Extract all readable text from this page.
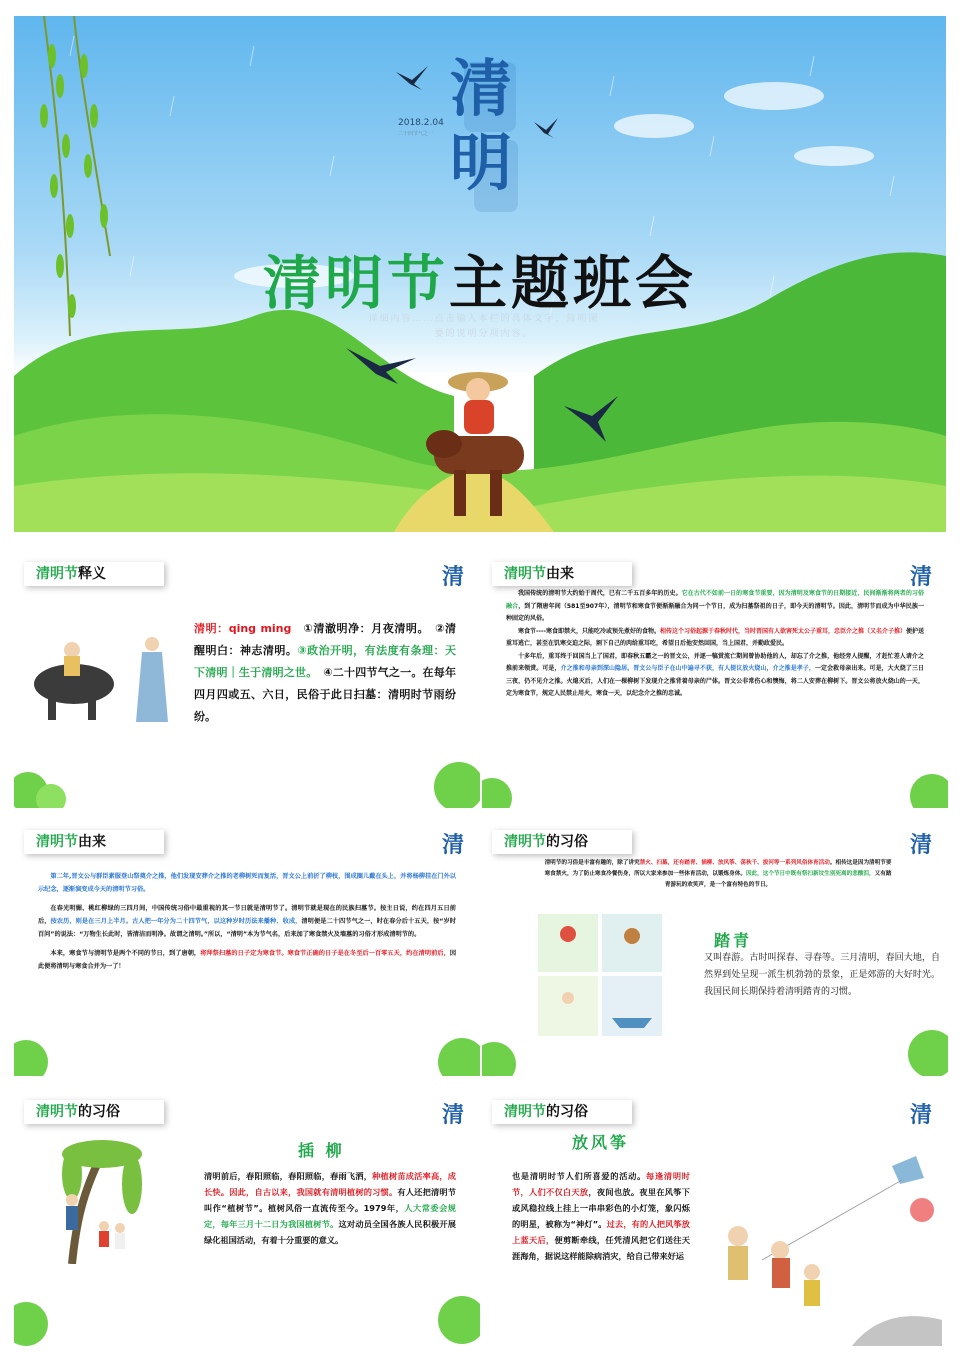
清明
2018.2.04
二十四节气之一
清明节主题班会
详细内容……点击输入本栏的具体文字，简明图
要的说明分项内容。
清明节释义	清
清明：qing ming　 ①清澈明净：月夜清明。　②清醒明白：神志清明。③政治开明，有法度有条理：天下清明｜生于清明之世。　 ④二十四节气之一。在每年四月四或五、六日，民俗于此日扫墓：清明时节雨纷纷。
清明节由来	清
我国传统的清明节大约始于周代，已有二千五百多年的历史。它在古代不如前一日的寒食节重要，因为清明及寒食节的日期接近，民间渐渐将两者的习俗融合，到了隋唐年间（581至907年），清明节和寒食节便渐渐融合为同一个节日，成为扫墓祭祖的日子，即今天的清明节。因此，清明节而成为中华民族一种固定的风俗。
寒食节----寒食即禁火，只能吃冷或预先煮好的食物。相传这个习俗起源于春秋时代，当时晋国有人欲害死太公子重耳，忠臣介之推（又名介子推）便护送重耳逃亡，甚至在饥寒交迫之际，割下自己的肉给重耳吃，希望日后他安然回国，当上国君，并勤政爱民。
十多年后，重耳终于回国当上了国君，即春秋五霸之一的晋文公，并逐一犒赏流亡期间曾协助他的人，却忘了介之推，他经旁人提醒，才赶忙差人请介之推前来领赏。可是，介之推和母亲到深山隐居。晋文公与臣子在山中遍寻不获，有人提议放火烧山，介之推是孝子，一定会救母亲出来。可是，大火烧了三日三夜，仍不见介之推。火熄灭后，人们在一棵柳树下发现介之推背着母亲的尸体。晋文公非常伤心和懊悔，将二人安葬在柳树下。晋文公将放火烧山的一天，定为寒食节，规定人民禁止用火，寒食一天，以纪念介之推的忠诚。
清明节由来	清
第二年,晋文公与群臣素服登山祭奠介之推，他们发现安葬介之推的老柳树死而复活，晋文公上前折了柳枝，围成圈儿戴在头上，并将杨柳挂在门外以示纪念，逐渐演变成今天的清明节习俗。
在春光明媚、桃红柳绿的三四月间，中国传统习俗中最重视的其一节日就是清明节了。清明节就是现在的民族扫墓节。按主日说，约在四月五日前后，按农历，则是在三月上半月。古人把一年分为二十四节气，以这种岁时历法来播种、收成，清明便是二十四节气之一，时在春分后十五天，按“岁时百问”的说法：“万物生长此时，皆清洁而明净。故谓之清明。”所以，“清明”本为节气名，后来加了寒食禁火及墙墓的习俗才形成清明节的。
本来，寒食节与清明节是两个不同的节日，到了唐朝，将拜祭扫墓的日子定为寒食节。寒食节正确的日子是在冬至后一百零五天，约在清明前后，因此便将清明与寒食合并为一了！
清明节的习俗	清
清明节的习俗是丰富有趣的，除了讲究禁火、扫墓，还有踏青、插柳、放风筝、荡秋千、拔河等一系列风俗体育活动。相传这是因为清明节要寒食禁火，为了防止寒食冷餐伤身，所以大家来参加一些体育活动，以锻炼身体。因此，这个节日中既有祭扫新坟生别死离的悲酸泪，又有踏青游玩的欢笑声，是一个富有特色的节日。
踏青
又叫春游。古时叫探春、寻春等。三月清明，春回大地，自然界到处呈现一派生机勃勃的景象，正是郊游的大好时光。我国民间长期保持着清明踏青的习惯。
清明节的习俗	清
插 柳
清明前后，春阳照临，春阳照临，春雨飞洒，种植树苗成活率高，成长快。因此，自古以来，我国就有清明植树的习惯。有人还把清明节叫作“植树节”。植树风俗一直流传至今。1979年，人大常委会规定，每年三月十二日为我国植树节。这对动员全国各族人民积极开展绿化祖国活动，有着十分重要的意义。
清明节的习俗	清
放风筝
也是清明时节人们所喜爱的活动。每逢清明时节，人们不仅白天放，夜间也放。夜里在风筝下或风稳拉线上挂上一串串彩色的小灯笼，象闪烁的明星，被称为“神灯”。过去，有的人把风筝放上蓝天后，便剪断牵线，任凭清风把它们送往天涯海角，据说这样能除病消灾，给自己带来好运
